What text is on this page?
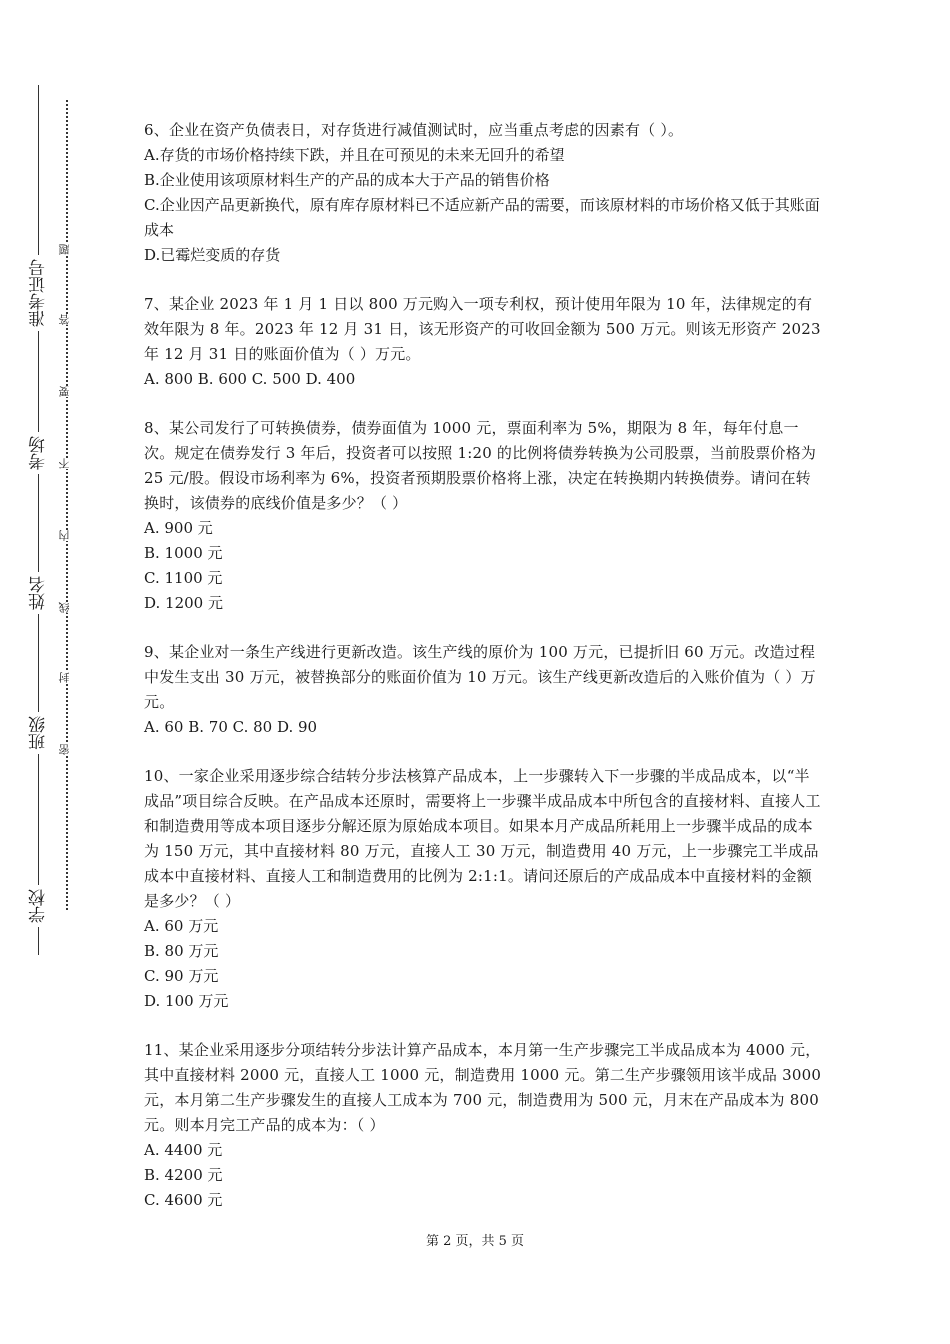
准考证号
考场
姓名
班级
学校
题
答
要
不
内
线
封
密

6、企业在资产负债表日，对存货进行减值测试时，应当重点考虑的因素有（ ）。

A.存货的市场价格持续下跌，并且在可预见的未来无回升的希望

B.企业使用该项原材料生产的产品的成本大于产品的销售价格

C.企业因产品更新换代，原有库存原材料已不适应新产品的需要，而该原材料的市场价格又低于其账面成本

D.已霉烂变质的存货

7、某企业 2023 年 1 月 1 日以 800 万元购入一项专利权，预计使用年限为 10 年，法律规定的有效年限为 8 年。2023 年 12 月 31 日，该无形资产的可收回金额为 500 万元。则该无形资产 2023 年 12 月 31 日的账面价值为（ ）万元。

A. 800 B. 600 C. 500 D. 400

8、某公司发行了可转换债券，债券面值为 1000 元，票面利率为 5%，期限为 8 年，每年付息一次。规定在债券发行 3 年后，投资者可以按照 1:20 的比例将债券转换为公司股票，当前股票价格为 25 元/股。假设市场利率为 6%，投资者预期股票价格将上涨，决定在转换期内转换债券。请问在转换时，该债券的底线价值是多少？（ ）

A. 900 元

B. 1000 元

C. 1100 元

D. 1200 元

9、某企业对一条生产线进行更新改造。该生产线的原价为 100 万元，已提折旧 60 万元。改造过程中发生支出 30 万元，被替换部分的账面价值为 10 万元。该生产线更新改造后的入账价值为（ ）万元。

A. 60 B. 70 C. 80 D. 90

10、一家企业采用逐步综合结转分步法核算产品成本，上一步骤转入下一步骤的半成品成本，以“半成品”项目综合反映。在产品成本还原时，需要将上一步骤半成品成本中所包含的直接材料、直接人工和制造费用等成本项目逐步分解还原为原始成本项目。如果本月产成品所耗用上一步骤半成品的成本为 150 万元，其中直接材料 80 万元，直接人工 30 万元，制造费用 40 万元，上一步骤完工半成品成本中直接材料、直接人工和制造费用的比例为 2:1:1。请问还原后的产成品成本中直接材料的金额是多少？（ ）

A. 60 万元

B. 80 万元

C. 90 万元

D. 100 万元

11、某企业采用逐步分项结转分步法计算产品成本，本月第一生产步骤完工半成品成本为 4000 元，其中直接材料 2000 元，直接人工 1000 元，制造费用 1000 元。第二生产步骤领用该半成品 3000 元，本月第二生产步骤发生的直接人工成本为 700 元，制造费用为 500 元，月末在产品成本为 800 元。则本月完工产品的成本为：（ ）

A. 4400 元

B. 4200 元

C. 4600 元

第 2 页，共 5 页
